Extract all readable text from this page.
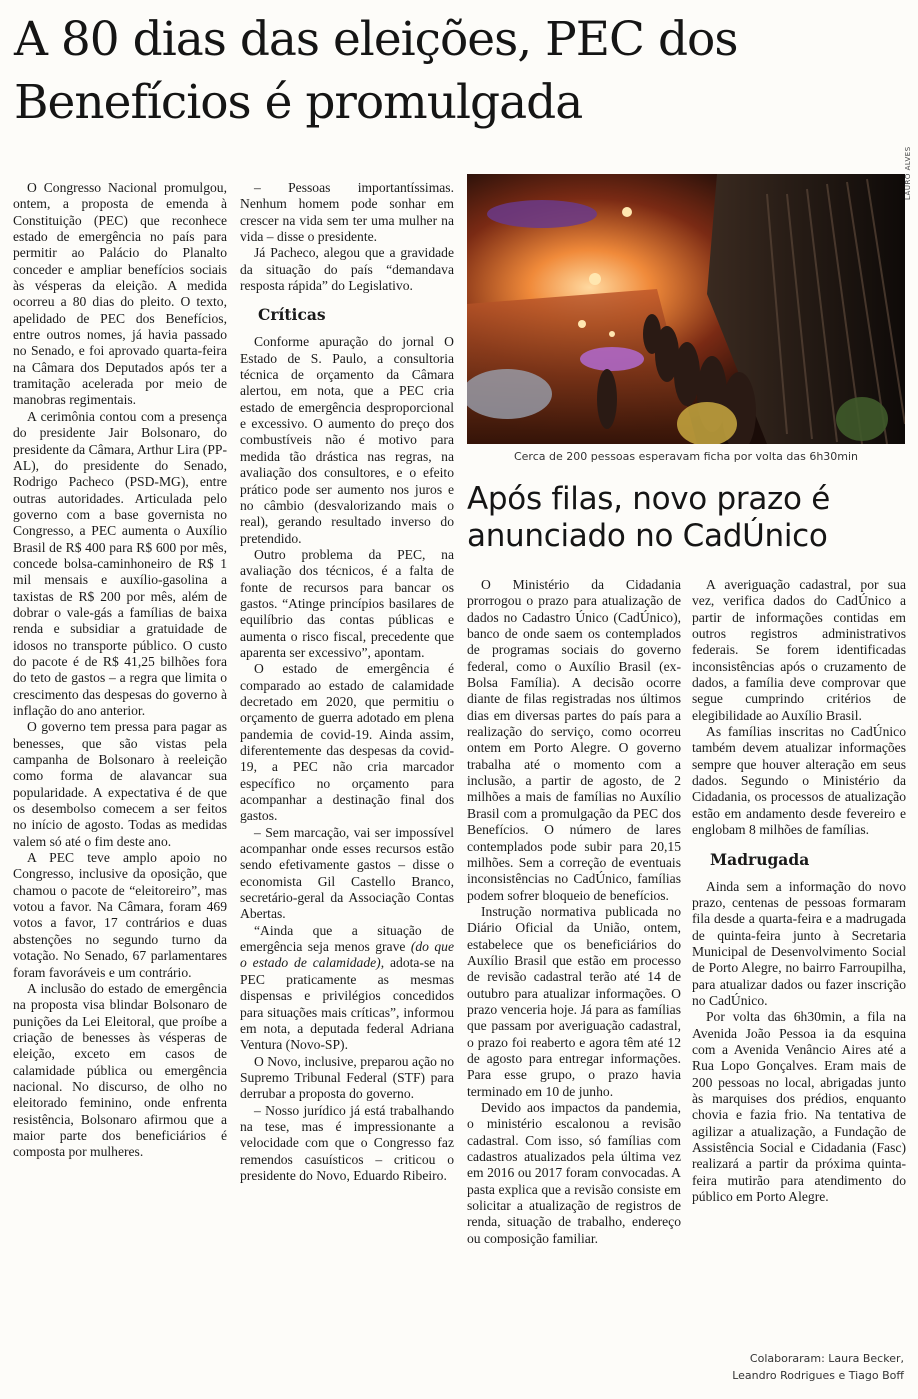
A 80 dias das eleições, PEC dos Benefícios é promulgada

O Congresso Nacional promulgou, ontem, a proposta de emenda à Constituição (PEC) que reconhece estado de emergência no país para permitir ao Palácio do Planalto conceder e ampliar benefícios sociais às vésperas da eleição. A medida ocorreu a 80 dias do pleito. O texto, apelidado de PEC dos Benefícios, entre outros nomes, já havia passado no Senado, e foi aprovado quarta-feira na Câmara dos Deputados após ter a tramitação acelerada por meio de manobras regimentais.

A cerimônia contou com a presença do presidente Jair Bolsonaro, do presidente da Câmara, Arthur Lira (PP-AL), do presidente do Senado, Rodrigo Pacheco (PSD-MG), entre outras autoridades. Articulada pelo governo com a base governista no Congresso, a PEC aumenta o Auxílio Brasil de R$ 400 para R$ 600 por mês, concede bolsa-caminhoneiro de R$ 1 mil mensais e auxílio-gasolina a taxistas de R$ 200 por mês, além de dobrar o vale-gás a famílias de baixa renda e subsidiar a gratuidade de idosos no transporte público. O custo do pacote é de R$ 41,25 bilhões fora do teto de gastos – a regra que limita o crescimento das despesas do governo à inflação do ano anterior.

O governo tem pressa para pagar as benesses, que são vistas pela campanha de Bolsonaro à reeleição como forma de alavancar sua popularidade. A expectativa é de que os desembolso comecem a ser feitos no início de agosto. Todas as medidas valem só até o fim deste ano.

A PEC teve amplo apoio no Congresso, inclusive da oposição, que chamou o pacote de “eleitoreiro”, mas votou a favor. Na Câmara, foram 469 votos a favor, 17 contrários e duas abstenções no segundo turno da votação. No Senado, 67 parlamentares foram favoráveis e um contrário.

A inclusão do estado de emergência na proposta visa blindar Bolsonaro de punições da Lei Eleitoral, que proíbe a criação de benesses às vésperas de eleição, exceto em casos de calamidade pública ou emergência nacional. No discurso, de olho no eleitorado feminino, onde enfrenta resistência, Bolsonaro afirmou que a maior parte dos beneficiários é composta por mulheres.

– Pessoas importantíssimas. Nenhum homem pode sonhar em crescer na vida sem ter uma mulher na vida – disse o presidente.

Já Pacheco, alegou que a gravidade da situação do país “demandava resposta rápida” do Legislativo.

Críticas

Conforme apuração do jornal O Estado de S. Paulo, a consultoria técnica de orçamento da Câmara alertou, em nota, que a PEC cria estado de emergência desproporcional e excessivo. O aumento do preço dos combustíveis não é motivo para medida tão drástica nas regras, na avaliação dos consultores, e o efeito prático pode ser aumento nos juros e no câmbio (desvalorizando mais o real), gerando resultado inverso do pretendido.

Outro problema da PEC, na avaliação dos técnicos, é a falta de fonte de recursos para bancar os gastos. “Atinge princípios basilares de equilíbrio das contas públicas e aumenta o risco fiscal, precedente que aparenta ser excessivo”, apontam.

O estado de emergência é comparado ao estado de calamidade decretado em 2020, que permitiu o orçamento de guerra adotado em plena pandemia de covid-19. Ainda assim, diferentemente das despesas da covid-19, a PEC não cria marcador específico no orçamento para acompanhar a destinação final dos gastos.

– Sem marcação, vai ser impossível acompanhar onde esses recursos estão sendo efetivamente gastos – disse o economista Gil Castello Branco, secretário-geral da Associação Contas Abertas.

“Ainda que a situação de emergência seja menos grave (do que o estado de calamidade), adota-se na PEC praticamente as mesmas dispensas e privilégios concedidos para situações mais críticas”, informou em nota, a deputada federal Adriana Ventura (Novo-SP).

O Novo, inclusive, preparou ação no Supremo Tribunal Federal (STF) para derrubar a proposta do governo.

– Nosso jurídico já está trabalhando na tese, mas é impressionante a velocidade com que o Congresso faz remendos casuísticos – criticou o presidente do Novo, Eduardo Ribeiro.

LAURO ALVES
Cerca de 200 pessoas esperavam ficha por volta das 6h30min
Após filas, novo prazo é anunciado no CadÚnico

O Ministério da Cidadania prorrogou o prazo para atualização de dados no Cadastro Único (CadÚnico), banco de onde saem os contemplados de programas sociais do governo federal, como o Auxílio Brasil (ex-Bolsa Família). A decisão ocorre diante de filas registradas nos últimos dias em diversas partes do país para a realização do serviço, como ocorreu ontem em Porto Alegre. O governo trabalha até o momento com a inclusão, a partir de agosto, de 2 milhões a mais de famílias no Auxílio Brasil com a promulgação da PEC dos Benefícios. O número de lares contemplados pode subir para 20,15 milhões. Sem a correção de eventuais inconsistências no CadÚnico, famílias podem sofrer bloqueio de benefícios.

Instrução normativa publicada no Diário Oficial da União, ontem, estabelece que os beneficiários do Auxílio Brasil que estão em processo de revisão cadastral terão até 14 de outubro para atualizar informações. O prazo venceria hoje. Já para as famílias que passam por averiguação cadastral, o prazo foi reaberto e agora têm até 12 de agosto para entregar informações. Para esse grupo, o prazo havia terminado em 10 de junho.

Devido aos impactos da pandemia, o ministério escalonou a revisão cadastral. Com isso, só famílias com cadastros atualizados pela última vez em 2016 ou 2017 foram convocadas. A pasta explica que a revisão consiste em solicitar a atualização de registros de renda, situação de trabalho, endereço ou composição familiar.

A averiguação cadastral, por sua vez, verifica dados do CadÚnico a partir de informações contidas em outros registros administrativos federais. Se forem identificadas inconsistências após o cruzamento de dados, a família deve comprovar que segue cumprindo critérios de elegibilidade ao Auxílio Brasil.

As famílias inscritas no CadÚnico também devem atualizar informações sempre que houver alteração em seus dados. Segundo o Ministério da Cidadania, os processos de atualização estão em andamento desde fevereiro e englobam 8 milhões de famílias.

Madrugada

Ainda sem a informação do novo prazo, centenas de pessoas formaram fila desde a quarta-feira e a madrugada de quinta-feira junto à Secretaria Municipal de Desenvolvimento Social de Porto Alegre, no bairro Farroupilha, para atualizar dados ou fazer inscrição no CadÚnico.

Por volta das 6h30min, a fila na Avenida João Pessoa ia da esquina com a Avenida Venâncio Aires até a Rua Lopo Gonçalves. Eram mais de 200 pessoas no local, abrigadas junto às marquises dos prédios, enquanto chovia e fazia frio. Na tentativa de agilizar a atualização, a Fundação de Assistência Social e Cidadania (Fasc) realizará a partir da próxima quinta-feira mutirão para atendimento do público em Porto Alegre.

Colaboraram: Laura Becker,
Leandro Rodrigues e Tiago Boff
